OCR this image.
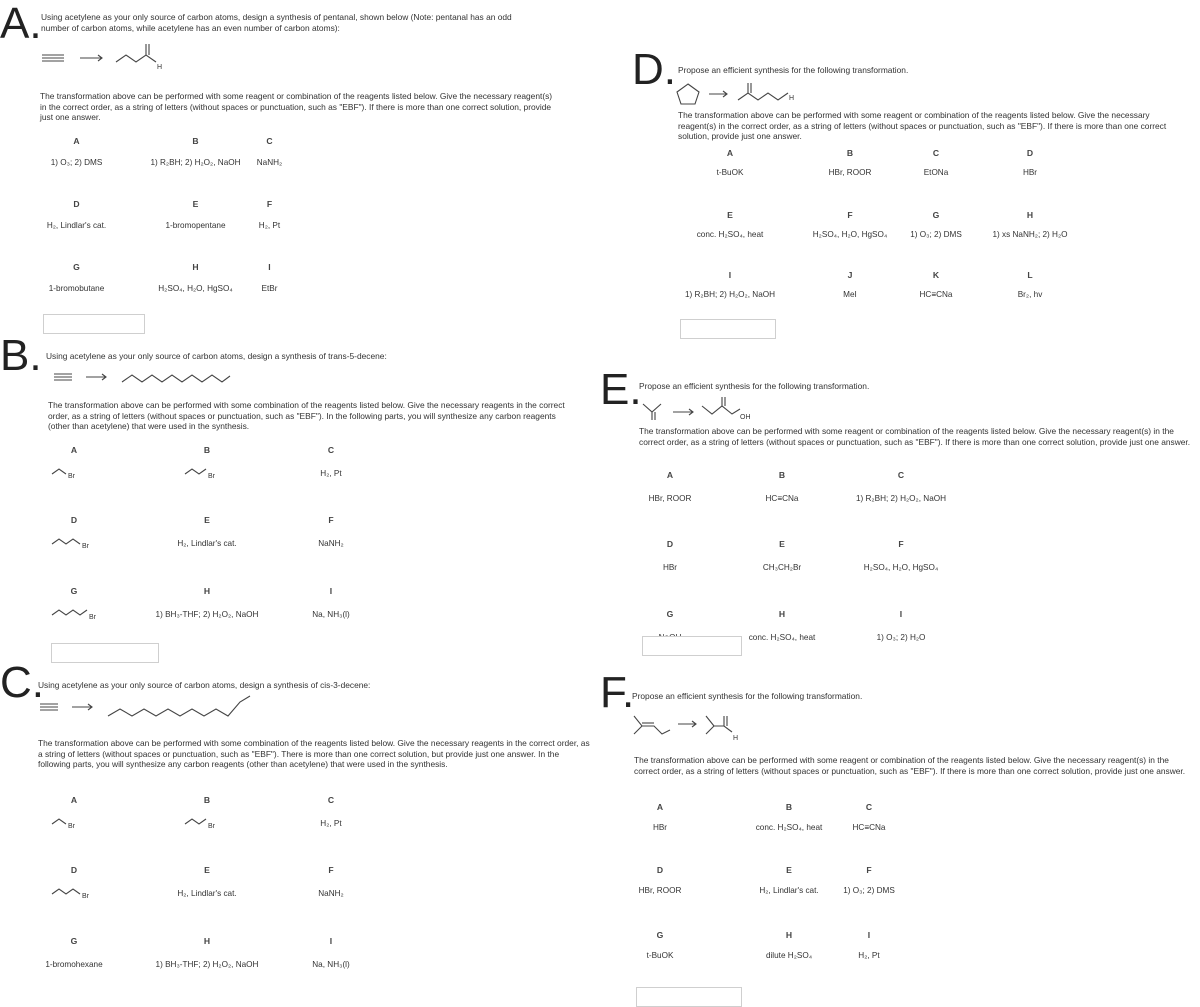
A. Using acetylene as your only source of carbon atoms, design a synthesis of pentanal, shown below (Note: pentanal has an odd number of carbon atoms, while acetylene has an even number of carbon atoms):
H
The transformation above can be performed with some reagent or combination of the reagents listed below. Give the necessary reagent(s) in the correct order, as a string of letters (without spaces or punctuation, such as "EBF"). If there is more than one correct solution, provide just one answer.
A
1) O₃; 2) DMS
B
1) R₂BH; 2) H₂O₂, NaOH
C
NaNH₂
D
H₂, Lindlar's cat.
E
1-bromopentane
F
H₂, Pt
G
1-bromobutane
H
H₂SO₄, H₂O, HgSO₄
I
EtBr
B. Using acetylene as your only source of carbon atoms, design a synthesis of trans-5-decene:
The transformation above can be performed with some combination of the reagents listed below. Give the necessary reagents in the correct order, as a string of letters (without spaces or punctuation, such as "EBF"). In the following parts, you will synthesize any carbon reagents (other than acetylene) that were used in the synthesis.
A
Br
B
Br
C
H₂, Pt
D
Br
E
H₂, Lindlar's cat.
F
NaNH₂
G
Br
H
1) BH₃-THF; 2) H₂O₂, NaOH
I
Na, NH₃(l)
C.
Using acetylene as your only source of carbon atoms, design a synthesis of cis-3-decene:
The transformation above can be performed with some combination of the reagents listed below. Give the necessary reagents in the correct order, as a string of letters (without spaces or punctuation, such as "EBF"). There is more than one correct solution, but provide just one answer. In the following parts, you will synthesize any carbon reagents (other than acetylene) that were used in the synthesis.
A
Br
B
Br
C
H₂, Pt
D
Br
E
H₂, Lindlar's cat.
F
NaNH₂
G
1-bromohexane
H
1) BH₃-THF; 2) H₂O₂, NaOH
I
Na, NH₃(l)
D. Propose an efficient synthesis for the following transformation.
H
The transformation above can be performed with some reagent or combination of the reagents listed below. Give the necessary reagent(s) in the correct order, as a string of letters (without spaces or punctuation, such as "EBF"). If there is more than one correct solution, provide just one answer.
A
t-BuOK
B
HBr, ROOR
C
EtONa
D
HBr
E
conc. H₂SO₄, heat
F
H₂SO₄, H₂O, HgSO₄
G
1) O₃; 2) DMS
H
1) xs NaNH₂; 2) H₂O
I
1) R₂BH; 2) H₂O₂, NaOH
J
MeI
K
HC≡CNa
L
Br₂, hv
E.
Propose an efficient synthesis for the following transformation.
OH
The transformation above can be performed with some reagent or combination of the reagents listed below. Give the necessary reagent(s) in the correct order, as a string of letters (without spaces or punctuation, such as "EBF"). If there is more than one correct solution, provide just one answer.
A
HBr, ROOR
B
HC≡CNa
C
1) R₂BH; 2) H₂O₂, NaOH
D
HBr
E
CH₃CH₂Br
F
H₂SO₄, H₂O, HgSO₄
G	H
conc. H₂SO₄, heat
I
1) O₃; 2) H₂O
F.
Propose an efficient synthesis for the following transformation.
H
The transformation above can be performed with some reagent or combination of the reagents listed below. Give the necessary reagent(s) in the correct order, as a string of letters (without spaces or punctuation, such as "EBF"). If there is more than one correct solution, provide just one answer.
A
HBr
B
conc. H₂SO₄, heat
C
HC≡CNa
D
HBr, ROOR
E
H₂, Lindlar's cat.
F
1) O₃; 2) DMS
G
t-BuOK
H
dilute H₂SO₄
I
H₂, Pt
